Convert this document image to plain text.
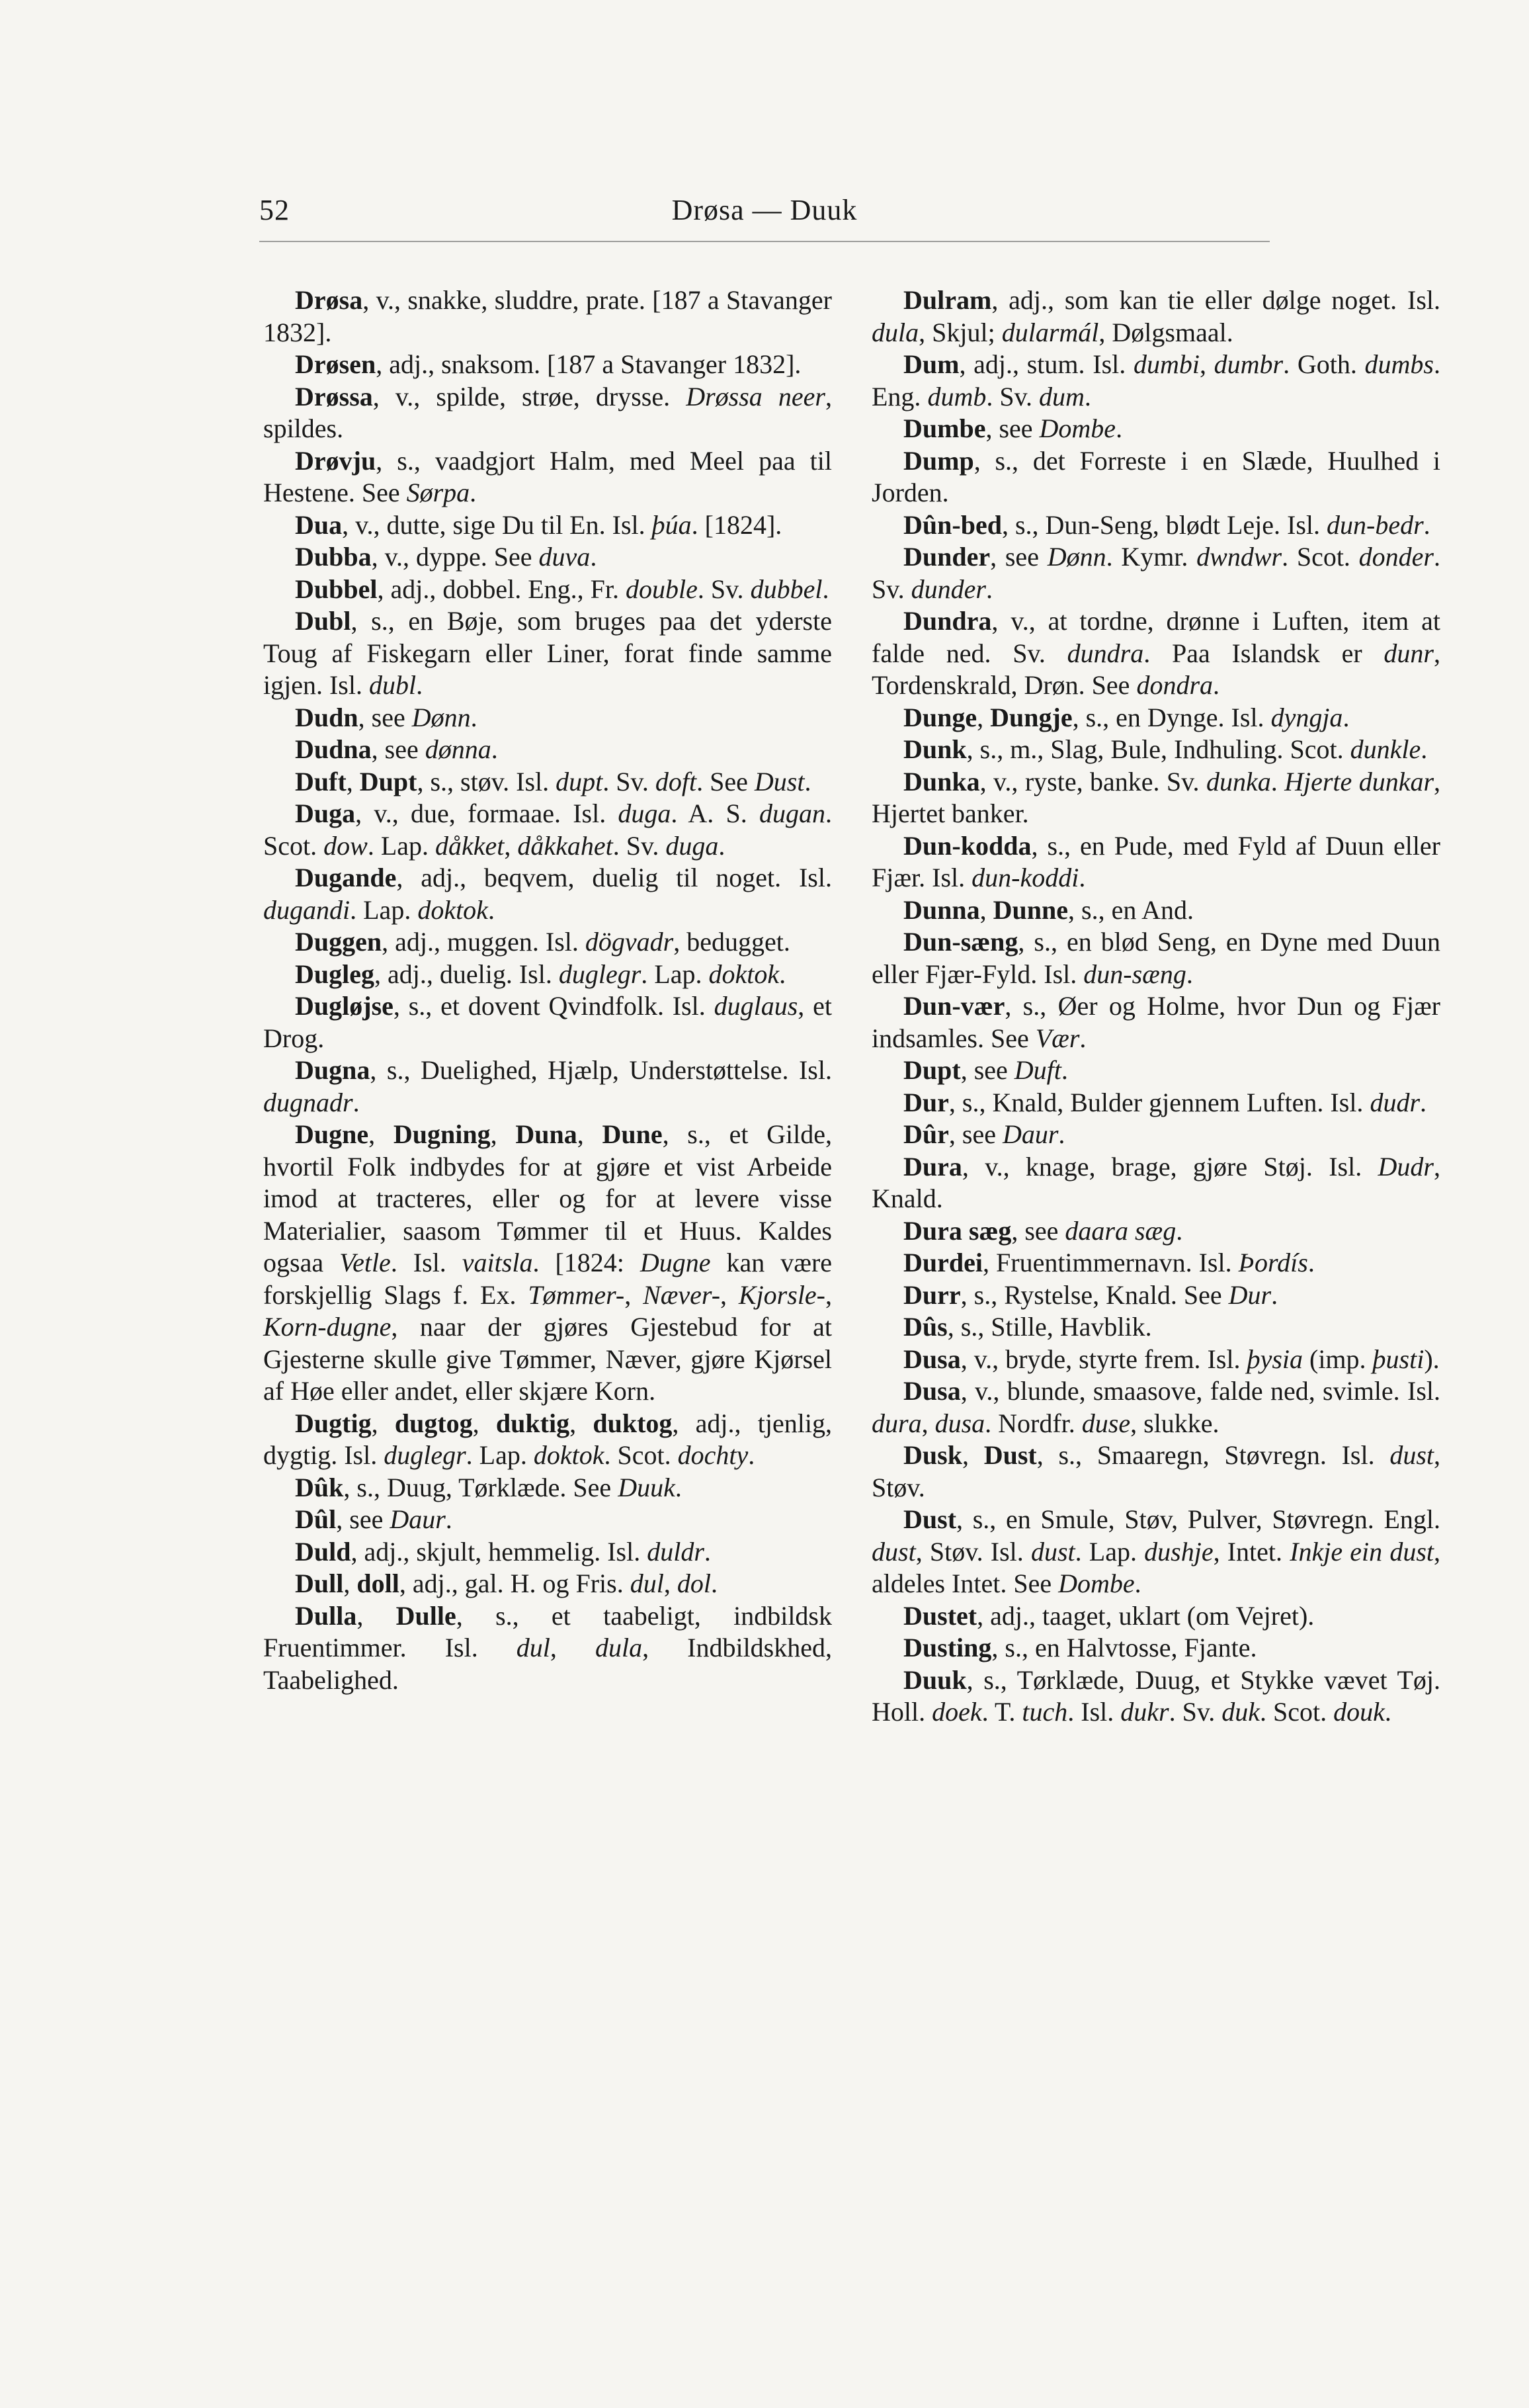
52	Drøsa — Duuk

Drøsa, v., snakke, sluddre, prate. [187 a Stavanger 1832].

Drøsen, adj., snaksom. [187 a Stavanger 1832].

Drøssa, v., spilde, strøe, drysse. Drøssa neer, spildes.

Drøvju, s., vaadgjort Halm, med Meel paa til Hestene. See Sørpa.

Dua, v., dutte, sige Du til En. Isl. þúa. [1824].

Dubba, v., dyppe. See duva.

Dubbel, adj., dobbel. Eng., Fr. double. Sv. dubbel.

Dubl, s., en Bøje, som bruges paa det yderste Toug af Fiskegarn eller Liner, forat finde samme igjen. Isl. dubl.

Dudn, see Dønn.

Dudna, see dønna.

Duft, Dupt, s., støv. Isl. dupt. Sv. doft. See Dust.

Duga, v., due, formaae. Isl. duga. A. S. dugan. Scot. dow. Lap. dåkket, dåkkahet. Sv. duga.

Dugande, adj., beqvem, duelig til noget. Isl. dugandi. Lap. doktok.

Duggen, adj., muggen. Isl. dögvadr, bedugget.

Dugleg, adj., duelig. Isl. duglegr. Lap. doktok.

Dugløjse, s., et dovent Qvindfolk. Isl. duglaus, et Drog.

Dugna, s., Duelighed, Hjælp, Understøttelse. Isl. dugnadr.

Dugne, Dugning, Duna, Dune, s., et Gilde, hvortil Folk indbydes for at gjøre et vist Arbeide imod at tracteres, eller og for at levere visse Materialier, saasom Tømmer til et Huus. Kaldes ogsaa Vetle. Isl. vaitsla. [1824: Dugne kan være forskjellig Slags f. Ex. Tømmer-, Næver-, Kjorsle-, Korn-dugne, naar der gjøres Gjestebud for at Gjesterne skulle give Tømmer, Næver, gjøre Kjørsel af Høe eller andet, eller skjære Korn.

Dugtig, dugtog, duktig, duktog, adj., tjenlig, dygtig. Isl. duglegr. Lap. doktok. Scot. dochty.

Dûk, s., Duug, Tørklæde. See Duuk.

Dûl, see Daur.

Duld, adj., skjult, hemmelig. Isl. duldr.

Dull, doll, adj., gal. H. og Fris. dul, dol.

Dulla, Dulle, s., et taabeligt, indbildsk Fruentimmer. Isl. dul, dula, Indbildskhed, Taabelighed.

Dulram, adj., som kan tie eller dølge noget. Isl. dula, Skjul; dularmál, Dølgsmaal.

Dum, adj., stum. Isl. dumbi, dumbr. Goth. dumbs. Eng. dumb. Sv. dum.

Dumbe, see Dombe.

Dump, s., det Forreste i en Slæde, Huulhed i Jorden.

Dûn-bed, s., Dun-Seng, blødt Leje. Isl. dun-bedr.

Dunder, see Dønn. Kymr. dwndwr. Scot. donder. Sv. dunder.

Dundra, v., at tordne, drønne i Luften, item at falde ned. Sv. dundra. Paa Islandsk er dunr, Tordenskrald, Drøn. See dondra.

Dunge, Dungje, s., en Dynge. Isl. dyngja.

Dunk, s., m., Slag, Bule, Indhuling. Scot. dunkle.

Dunka, v., ryste, banke. Sv. dunka. Hjerte dunkar, Hjertet banker.

Dun-kodda, s., en Pude, med Fyld af Duun eller Fjær. Isl. dun-koddi.

Dunna, Dunne, s., en And.

Dun-sæng, s., en blød Seng, en Dyne med Duun eller Fjær-Fyld. Isl. dun-sæng.

Dun-vær, s., Øer og Holme, hvor Dun og Fjær indsamles. See Vær.

Dupt, see Duft.

Dur, s., Knald, Bulder gjennem Luften. Isl. dudr.

Dûr, see Daur.

Dura, v., knage, brage, gjøre Støj. Isl. Dudr, Knald.

Dura sæg, see daara sæg.

Durdei, Fruentimmernavn. Isl. Þordís.

Durr, s., Rystelse, Knald. See Dur.

Dûs, s., Stille, Havblik.

Dusa, v., bryde, styrte frem. Isl. þysia (imp. þusti).

Dusa, v., blunde, smaasove, falde ned, svimle. Isl. dura, dusa. Nordfr. duse, slukke.

Dusk, Dust, s., Smaaregn, Støvregn. Isl. dust, Støv.

Dust, s., en Smule, Støv, Pulver, Støvregn. Engl. dust, Støv. Isl. dust. Lap. dushje, Intet. Inkje ein dust, aldeles Intet. See Dombe.

Dustet, adj., taaget, uklart (om Vejret).

Dusting, s., en Halvtosse, Fjante.

Duuk, s., Tørklæde, Duug, et Stykke vævet Tøj. Holl. doek. T. tuch. Isl. dukr. Sv. duk. Scot. douk.
